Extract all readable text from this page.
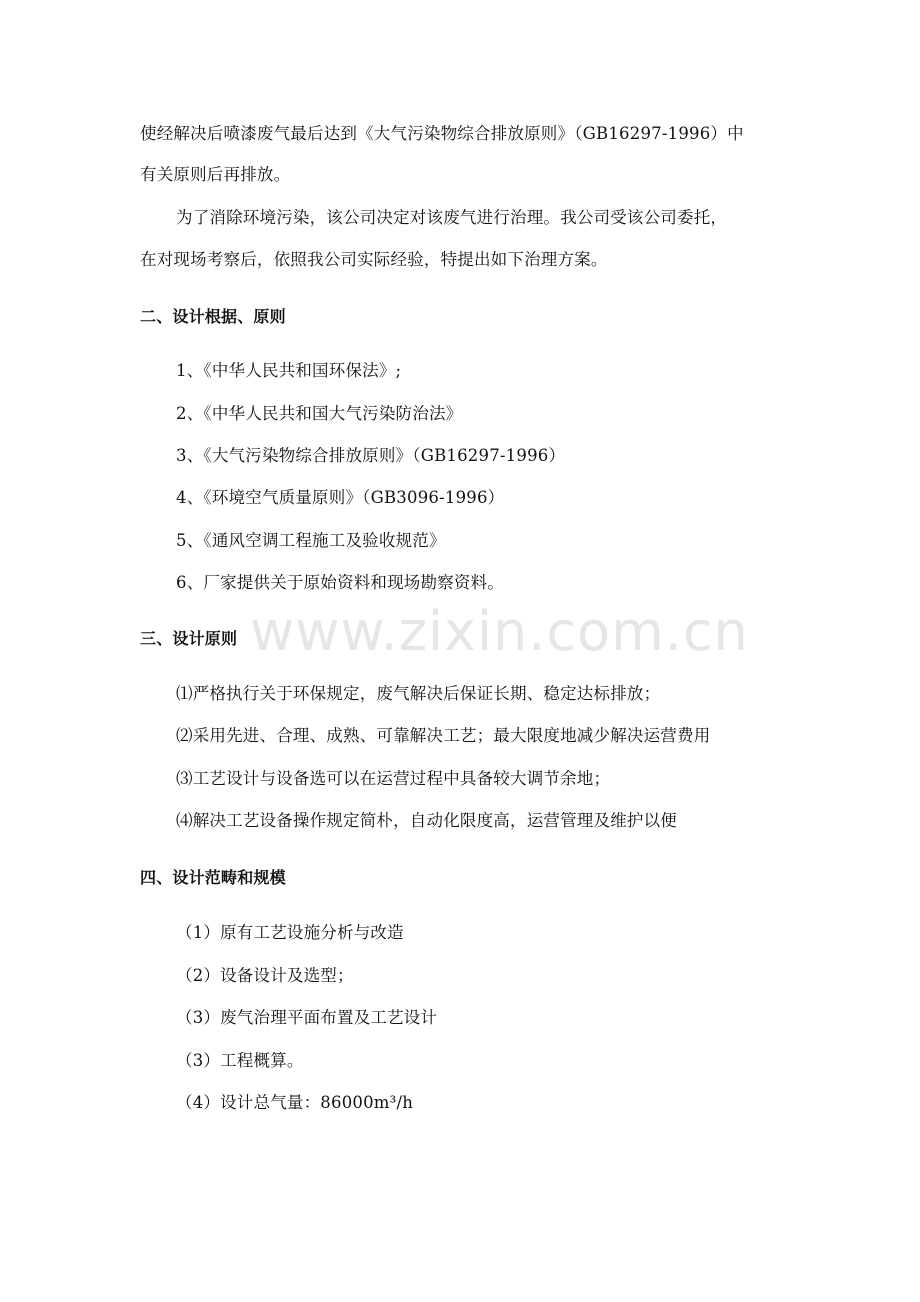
www.zixin.com.cn
使经解决后喷漆废气最后达到《大气污染物综合排放原则》（GB16297-1996）中
有关原则后再排放。
为了消除环境污染，该公司决定对该废气进行治理。我公司受该公司委托，
在对现场考察后，依照我公司实际经验，特提出如下治理方案。
二、设计根据、原则
1、《中华人民共和国环保法》;
2、《中华人民共和国大气污染防治法》
3、《大气污染物综合排放原则》（GB16297-1996）
4、《环境空气质量原则》（GB3096-1996）
5、《通风空调工程施工及验收规范》
6、厂家提供关于原始资料和现场勘察资料。
三、设计原则
⑴严格执行关于环保规定，废气解决后保证长期、稳定达标排放；
⑵采用先进、合理、成熟、可靠解决工艺；最大限度地减少解决运营费用
⑶工艺设计与设备选可以在运营过程中具备较大调节余地；
⑷解决工艺设备操作规定简朴，自动化限度高，运营管理及维护以便
四、设计范畴和规模
（1）原有工艺设施分析与改造
（2）设备设计及选型；
（3）废气治理平面布置及工艺设计
（3）工程概算。
（4）设计总气量：86000m³/h
